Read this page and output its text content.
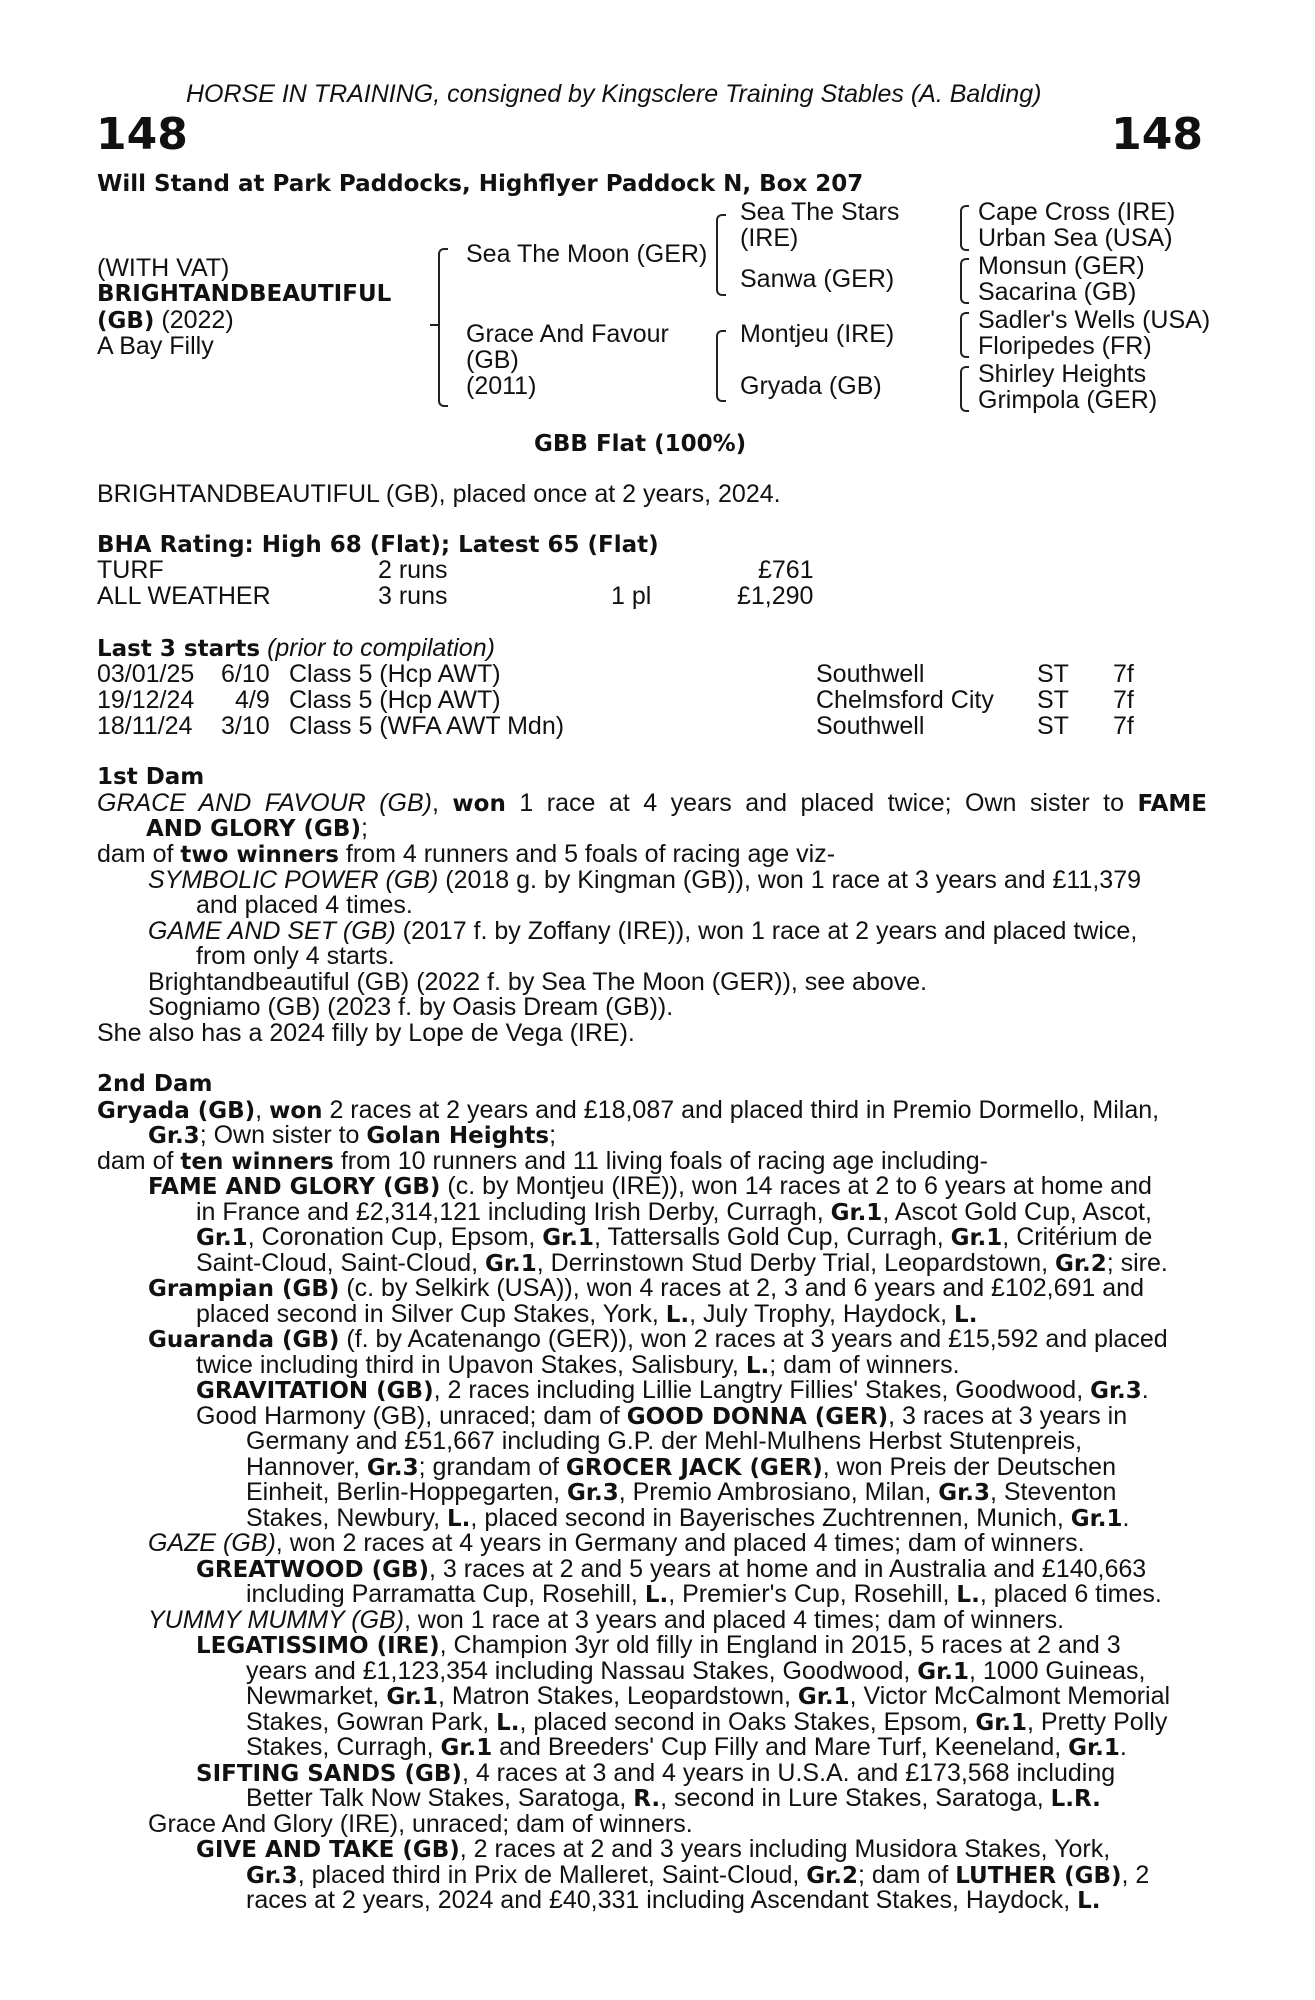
HORSE IN TRAINING, consigned by Kingsclere Training Stables (A. Balding)
148	148
Will Stand at Park Paddocks, Highflyer Paddock N, Box 207
(WITH VAT)
BRIGHTANDBEAUTIFUL
(GB) (2022)
A Bay Filly
Sea The Moon (GER)
Grace And Favour
(GB)
(2011)
Sea The Stars
(IRE)
Sanwa (GER)
Montjeu (IRE)
Gryada (GB)
Cape Cross (IRE)
Urban Sea (USA)
Monsun (GER)
Sacarina (GB)
Sadler's Wells (USA)
Floripedes (FR)
Shirley Heights
Grimpola (GER)
GBB Flat (100%)
BRIGHTANDBEAUTIFUL (GB), placed once at 2 years, 2024.
BHA Rating: High 68 (Flat); Latest 65 (Flat)
TURF	2 runs	£761
ALL WEATHER	3 runs	1 pl	£1,290
Last 3 starts (prior to compilation)
03/01/25 6/10 Class 5 (Hcp AWT)	Southwell	ST 7f
19/12/24 4/9 Class 5 (Hcp AWT)	Chelmsford City ST 7f
18/11/24 3/10 Class 5 (WFA AWT Mdn)	Southwell	ST 7f
1st Dam
GRACE AND FAVOUR (GB), won 1 race at 4 years and placed twice; Own sister to FAME
AND GLORY (GB);
dam of two winners from 4 runners and 5 foals of racing age viz-
SYMBOLIC POWER (GB) (2018 g. by Kingman (GB)), won 1 race at 3 years and £11,379
and placed 4 times.
GAME AND SET (GB) (2017 f. by Zoffany (IRE)), won 1 race at 2 years and placed twice,
from only 4 starts.
Brightandbeautiful (GB) (2022 f. by Sea The Moon (GER)), see above.
Sogniamo (GB) (2023 f. by Oasis Dream (GB)).
She also has a 2024 filly by Lope de Vega (IRE).
2nd Dam
Gryada (GB), won 2 races at 2 years and £18,087 and placed third in Premio Dormello, Milan,
Gr.3; Own sister to Golan Heights;
dam of ten winners from 10 runners and 11 living foals of racing age including-
FAME AND GLORY (GB) (c. by Montjeu (IRE)), won 14 races at 2 to 6 years at home and
in France and £2,314,121 including Irish Derby, Curragh, Gr.1, Ascot Gold Cup, Ascot,
Gr.1, Coronation Cup, Epsom, Gr.1, Tattersalls Gold Cup, Curragh, Gr.1, Critérium de
Saint-Cloud, Saint-Cloud, Gr.1, Derrinstown Stud Derby Trial, Leopardstown, Gr.2; sire.
Grampian (GB) (c. by Selkirk (USA)), won 4 races at 2, 3 and 6 years and £102,691 and
placed second in Silver Cup Stakes, York, L., July Trophy, Haydock, L.
Guaranda (GB) (f. by Acatenango (GER)), won 2 races at 3 years and £15,592 and placed
twice including third in Upavon Stakes, Salisbury, L.; dam of winners.
GRAVITATION (GB), 2 races including Lillie Langtry Fillies' Stakes, Goodwood, Gr.3.
Good Harmony (GB), unraced; dam of GOOD DONNA (GER), 3 races at 3 years in
Germany and £51,667 including G.P. der Mehl-Mulhens Herbst Stutenpreis,
Hannover, Gr.3; grandam of GROCER JACK (GER), won Preis der Deutschen
Einheit, Berlin-Hoppegarten, Gr.3, Premio Ambrosiano, Milan, Gr.3, Steventon
Stakes, Newbury, L., placed second in Bayerisches Zuchtrennen, Munich, Gr.1.
GAZE (GB), won 2 races at 4 years in Germany and placed 4 times; dam of winners.
GREATWOOD (GB), 3 races at 2 and 5 years at home and in Australia and £140,663
including Parramatta Cup, Rosehill, L., Premier's Cup, Rosehill, L., placed 6 times.
YUMMY MUMMY (GB), won 1 race at 3 years and placed 4 times; dam of winners.
LEGATISSIMO (IRE), Champion 3yr old filly in England in 2015, 5 races at 2 and 3
years and £1,123,354 including Nassau Stakes, Goodwood, Gr.1, 1000 Guineas,
Newmarket, Gr.1, Matron Stakes, Leopardstown, Gr.1, Victor McCalmont Memorial
Stakes, Gowran Park, L., placed second in Oaks Stakes, Epsom, Gr.1, Pretty Polly
Stakes, Curragh, Gr.1 and Breeders' Cup Filly and Mare Turf, Keeneland, Gr.1.
SIFTING SANDS (GB), 4 races at 3 and 4 years in U.S.A. and £173,568 including
Better Talk Now Stakes, Saratoga, R., second in Lure Stakes, Saratoga, L.R.
Grace And Glory (IRE), unraced; dam of winners.
GIVE AND TAKE (GB), 2 races at 2 and 3 years including Musidora Stakes, York,
Gr.3, placed third in Prix de Malleret, Saint-Cloud, Gr.2; dam of LUTHER (GB), 2
races at 2 years, 2024 and £40,331 including Ascendant Stakes, Haydock, L.
